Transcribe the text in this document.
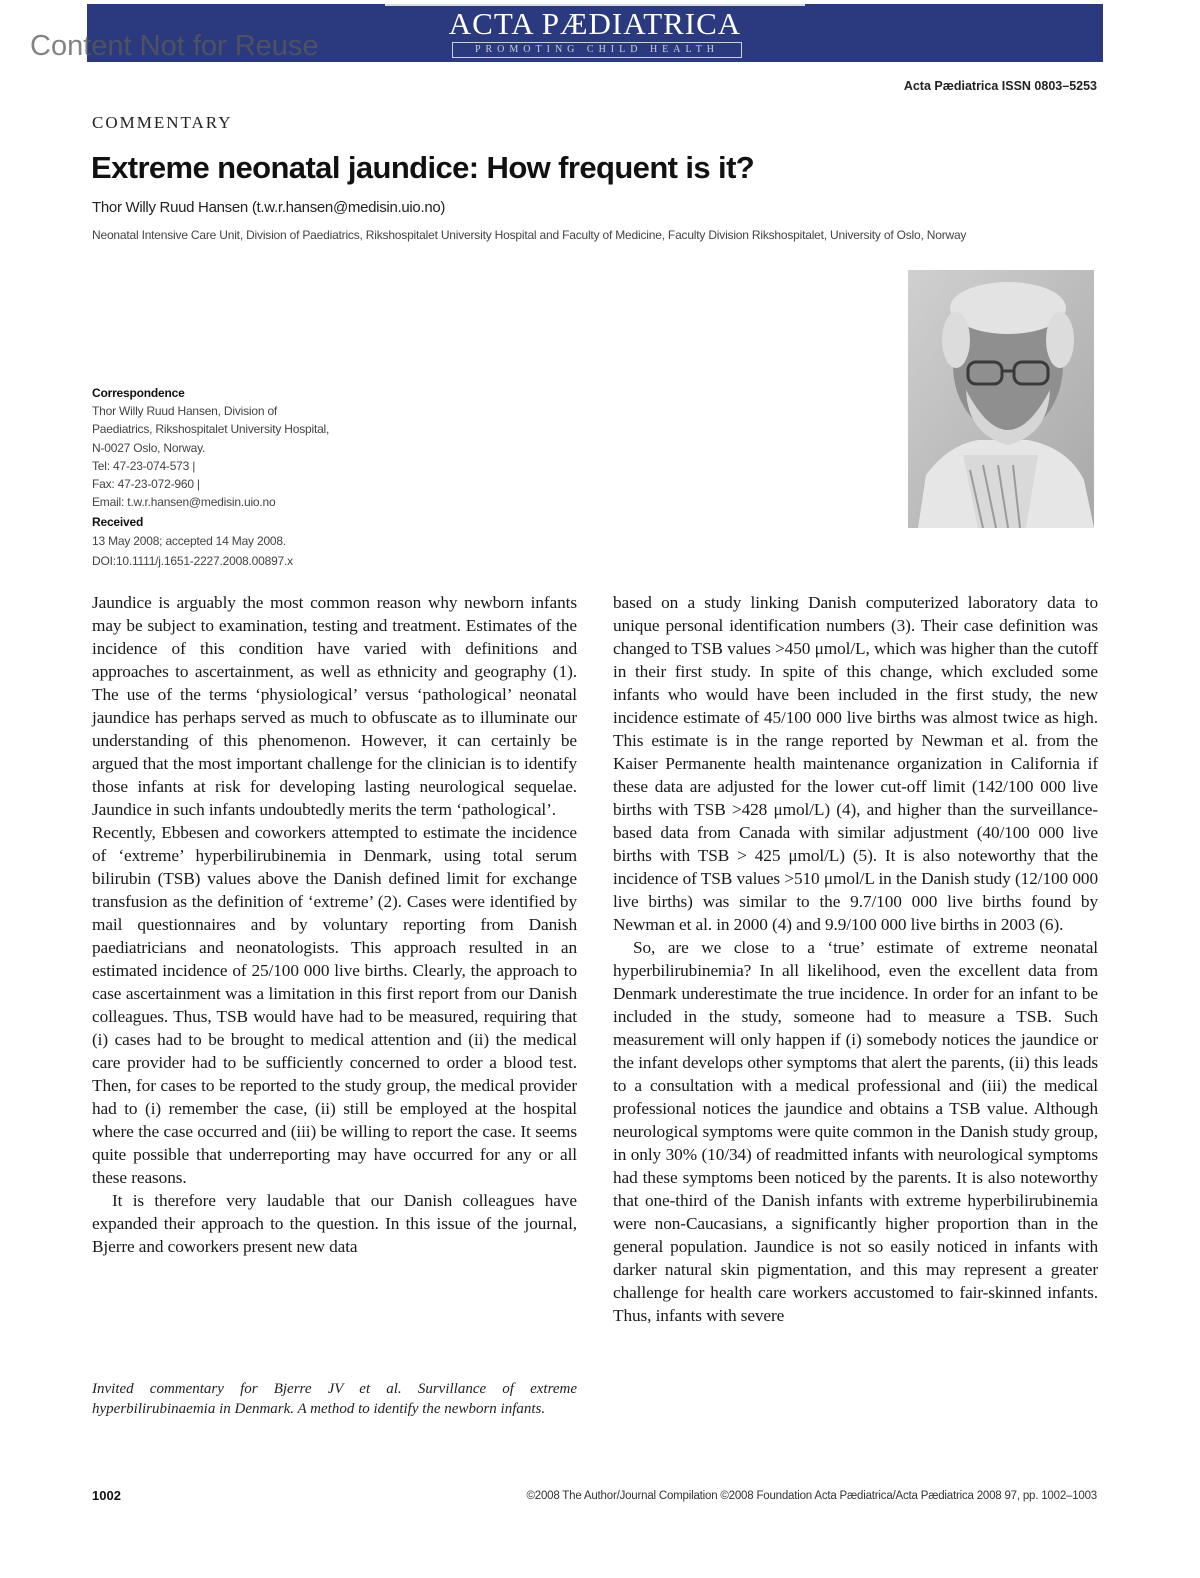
ACTA PÆDIATRICA
PROMOTING CHILD HEALTH
Content Not for Reuse
Acta Pædiatrica ISSN 0803–5253
COMMENTARY
Extreme neonatal jaundice: How frequent is it?
Thor Willy Ruud Hansen (t.w.r.hansen@medisin.uio.no)
Neonatal Intensive Care Unit, Division of Paediatrics, Rikshospitalet University Hospital and Faculty of Medicine, Faculty Division Rikshospitalet, University of Oslo, Norway
Correspondence
Thor Willy Ruud Hansen, Division of
Paediatrics, Rikshospitalet University Hospital,
N-0027 Oslo, Norway.
Tel: 47-23-074-573 |
Fax: 47-23-072-960 |
Email: t.w.r.hansen@medisin.uio.no
Received
13 May 2008; accepted 14 May 2008.
DOI:10.1111/j.1651-2227.2008.00897.x

Jaundice is arguably the most common reason why newborn infants may be subject to examination, testing and treatment. Estimates of the incidence of this condition have varied with definitions and approaches to ascertainment, as well as ethnicity and geography (1). The use of the terms ‘physiological’ versus ‘pathological’ neonatal jaundice has perhaps served as much to obfuscate as to illuminate our understanding of this phenomenon. However, it can certainly be argued that the most important challenge for the clinician is to identify those infants at risk for developing lasting neurological sequelae. Jaundice in such infants undoubtedly merits the term ‘pathological’.

Recently, Ebbesen and coworkers attempted to estimate the incidence of ‘extreme’ hyperbilirubinemia in Denmark, using total serum bilirubin (TSB) values above the Danish defined limit for exchange transfusion as the definition of ‘extreme’ (2). Cases were identified by mail questionnaires and by voluntary reporting from Danish paediatricians and neonatologists. This approach resulted in an estimated incidence of 25/100 000 live births. Clearly, the approach to case ascertainment was a limitation in this first report from our Danish colleagues. Thus, TSB would have had to be measured, requiring that (i) cases had to be brought to medical attention and (ii) the medical care provider had to be sufficiently concerned to order a blood test. Then, for cases to be reported to the study group, the medical provider had to (i) remember the case, (ii) still be employed at the hospital where the case occurred and (iii) be willing to report the case. It seems quite possible that underreporting may have occurred for any or all these reasons.

It is therefore very laudable that our Danish colleagues have expanded their approach to the question. In this issue of the journal, Bjerre and coworkers present new data

Invited commentary for Bjerre JV et al. Survillance of extreme hyperbilirubinaemia in Denmark. A method to identify the newborn infants.

based on a study linking Danish computerized laboratory data to unique personal identification numbers (3). Their case definition was changed to TSB values >450 μmol/L, which was higher than the cutoff in their first study. In spite of this change, which excluded some infants who would have been included in the first study, the new incidence estimate of 45/100 000 live births was almost twice as high. This estimate is in the range reported by Newman et al. from the Kaiser Permanente health maintenance organization in California if these data are adjusted for the lower cut-off limit (142/100 000 live births with TSB >428 μmol/L) (4), and higher than the surveillance-based data from Canada with similar adjustment (40/100 000 live births with TSB > 425 μmol/L) (5). It is also noteworthy that the incidence of TSB values >510 μmol/L in the Danish study (12/100 000 live births) was similar to the 9.7/100 000 live births found by Newman et al. in 2000 (4) and 9.9/100 000 live births in 2003 (6).

So, are we close to a ‘true’ estimate of extreme neonatal hyperbilirubinemia? In all likelihood, even the excellent data from Denmark underestimate the true incidence. In order for an infant to be included in the study, someone had to measure a TSB. Such measurement will only happen if (i) somebody notices the jaundice or the infant develops other symptoms that alert the parents, (ii) this leads to a consultation with a medical professional and (iii) the medical professional notices the jaundice and obtains a TSB value. Although neurological symptoms were quite common in the Danish study group, in only 30% (10/34) of readmitted infants with neurological symptoms had these symptoms been noticed by the parents. It is also noteworthy that one-third of the Danish infants with extreme hyperbilirubinemia were non-Caucasians, a significantly higher proportion than in the general population. Jaundice is not so easily noticed in infants with darker natural skin pigmentation, and this may represent a greater challenge for health care workers accustomed to fair-skinned infants. Thus, infants with severe

1002	©2008 The Author/Journal Compilation ©2008 Foundation Acta Pædiatrica/Acta Pædiatrica 2008 97, pp. 1002–1003
